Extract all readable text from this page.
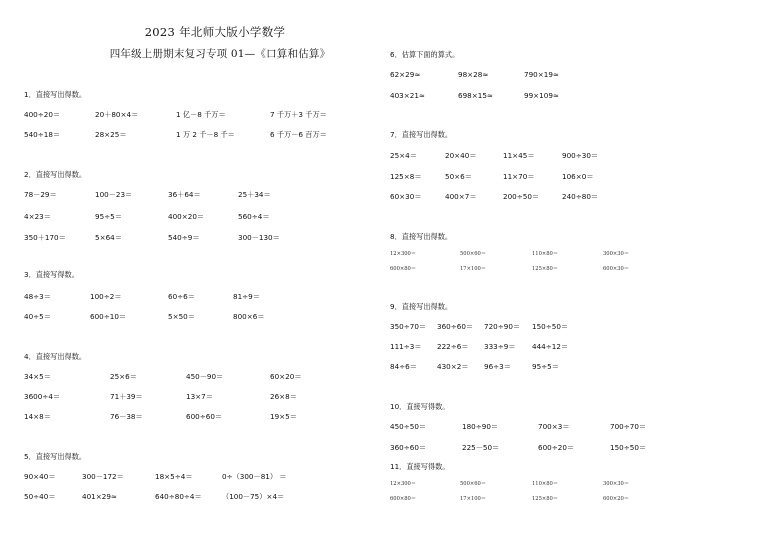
2023 年北师大版小学数学
四年级上册期末复习专项 01—《口算和估算》
1．直接写出得数。
400÷20＝	20＋80×4＝	1 亿－8 千万＝	7 千万＋3 千万＝
540÷18＝	28×25＝	1 万 2 千－8 千＝	6 千万－6 百万＝
2．直接写出得数。
78－29＝	100－23＝	36＋64＝	25＋34＝
4×23＝	95÷5＝	400×20＝	560÷4＝
350＋170＝	5×64＝	540÷9＝	300－130＝
3．直接写得数。
48÷3＝	100÷2＝	60÷6＝	81÷9＝
40÷5＝	600÷10＝	5×50＝	800×6＝
4．直接写出得数。
34×5＝	25×6＝	450－90＝	60×20＝
3600÷4＝	71＋39＝	13×7＝	26×8＝
14×8＝	76－38＝	600÷60＝	19×5＝
5．直接写出得数。
90×40＝	300－172＝	18×5÷4＝	0÷（300－81） ＝
50÷40＝	401×29≈	640÷80÷4＝	（100－75）×4＝
6．估算下面的算式。
62×29≈	98×28≈	790×19≈
403×21≈	698×15≈	99×109≈
7．直接写出得数。
25×4＝	20×40＝	11×45＝	900÷30＝
125×8＝	50×6＝	11×70＝	106×0＝
60×30＝	400×7＝	200÷50＝	240÷80＝
8．直接写出得数。
12×300＝	500×60＝	110×80＝	300×30＝
600×80＝	17×100＝	125×80＝	600×30＝
9．直接写出得数。
350÷70＝ 360÷60＝ 720÷90＝ 150÷50＝
111÷3＝ 222÷6＝ 333÷9＝ 444÷12＝
84÷6＝	430×2＝ 96÷3＝	95÷5＝
10．直接写得数。
450÷50＝	180÷90＝	700×3＝	700÷70＝
360÷60＝	225－50＝	600÷20＝	150÷50＝
11．直接写得数。
12×300＝	500×60＝	110×80＝	300×30＝
600×80＝	17×100＝	125×80＝	600×20＝
